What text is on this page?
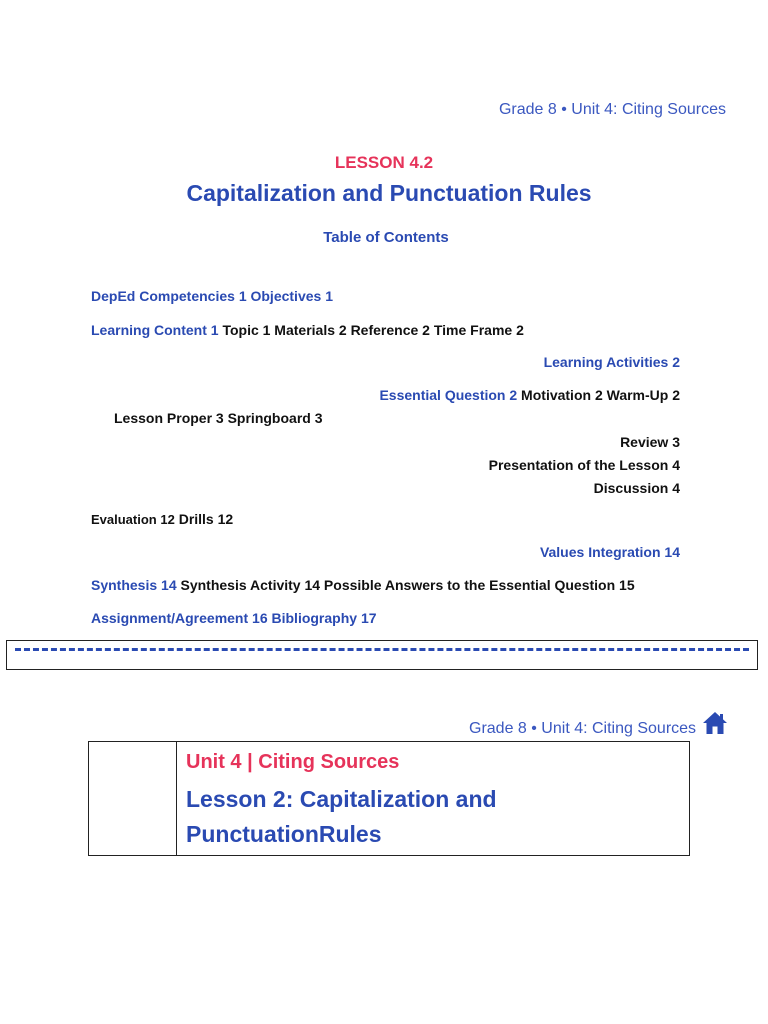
Grade 8 • Unit 4: Citing Sources
LESSON 4.2
Capitalization and Punctuation Rules
Table of Contents
DepEd Competencies 1 Objectives 1
Learning Content 1 Topic 1 Materials 2 Reference 2 Time Frame 2
Learning Activities 2
Essential Question 2 Motivation 2 Warm-Up 2
Lesson Proper 3 Springboard 3
Review 3
Presentation of the Lesson 4
Discussion 4
Evaluation 12 Drills 12
Values Integration 14
Synthesis 14 Synthesis Activity 14 Possible Answers to the Essential Question 15
Assignment/Agreement 16 Bibliography 17
Grade 8 • Unit 4: Citing Sources
Unit 4 | Citing Sources
Lesson 2: Capitalization and PunctuationRules
